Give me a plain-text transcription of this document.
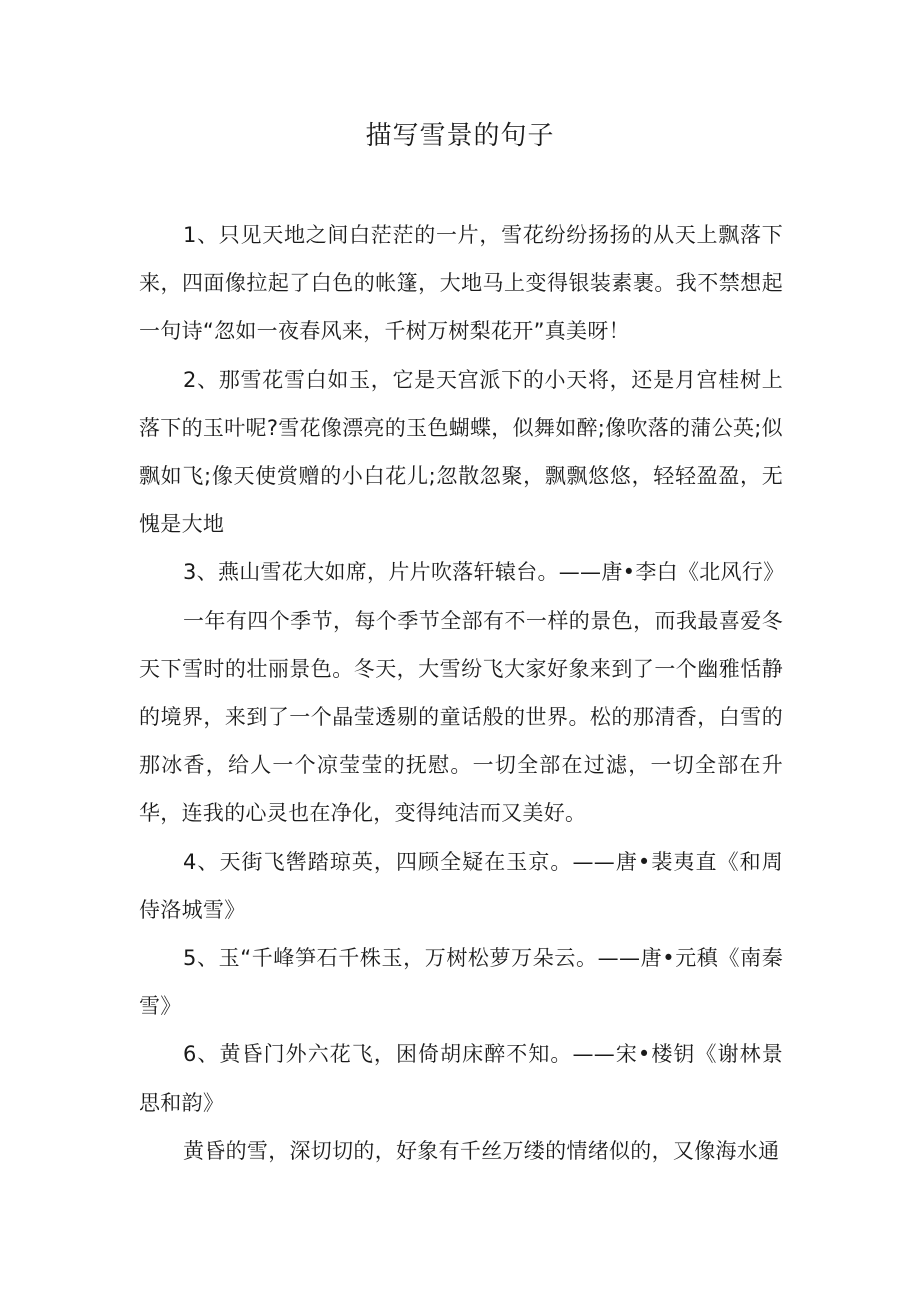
描写雪景的句子

1、只见天地之间白茫茫的一片，雪花纷纷扬扬的从天上飘落下来，四面像拉起了白色的帐篷，大地马上变得银装素裹。我不禁想起一句诗“忽如一夜春风来，千树万树梨花开”真美呀！

2、那雪花雪白如玉，它是天宫派下的小天将，还是月宫桂树上落下的玉叶呢?雪花像漂亮的玉色蝴蝶，似舞如醉;像吹落的蒲公英;似飘如飞;像天使赏赠的小白花儿;忽散忽聚，飘飘悠悠，轻轻盈盈，无愧是大地

3、燕山雪花大如席，片片吹落轩辕台。——唐•李白《北风行》

一年有四个季节，每个季节全部有不一样的景色，而我最喜爱冬天下雪时的壮丽景色。冬天，大雪纷飞大家好象来到了一个幽雅恬静的境界，来到了一个晶莹透剔的童话般的世界。松的那清香，白雪的那冰香，给人一个凉莹莹的抚慰。一切全部在过滤，一切全部在升华，连我的心灵也在净化，变得纯洁而又美好。

4、天街飞辔踏琼英，四顾全疑在玉京。——唐•裴夷直《和周侍洛城雪》

5、玉“千峰笋石千株玉，万树松萝万朵云。——唐•元稹《南秦雪》

6、黄昏门外六花飞，困倚胡床醉不知。——宋•楼钥《谢林景思和韵》

黄昏的雪，深切切的，好象有千丝万缕的情绪似的，又像海水通
